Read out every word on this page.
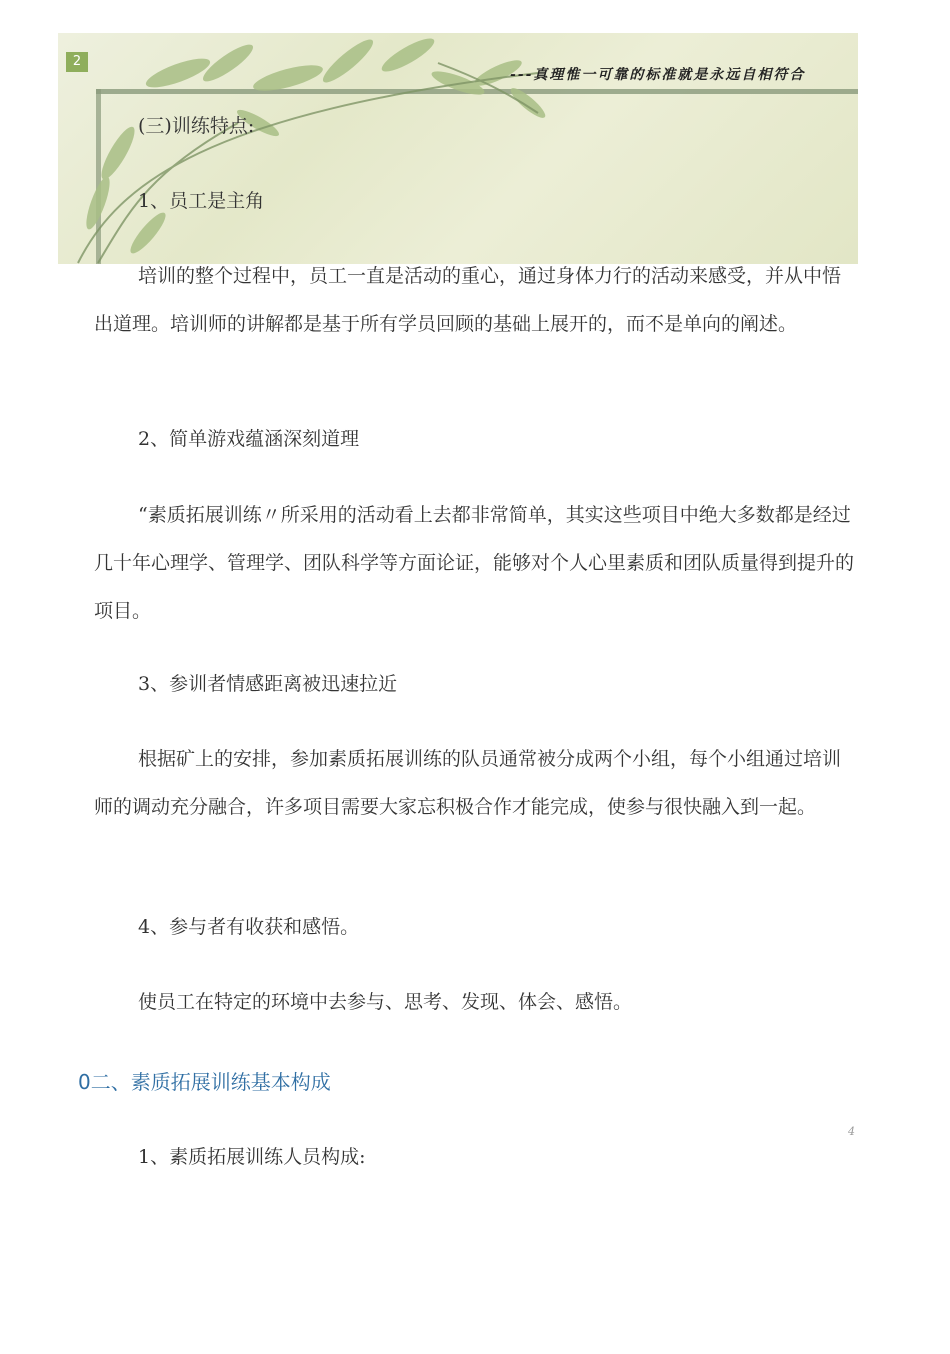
2
---真理惟一可靠的标准就是永远自相符合

(三)训练特点:

1、员工是主角

培训的整个过程中，员工一直是活动的重心，通过身体力行的活动来感受，并从中悟出道理。培训师的讲解都是基于所有学员回顾的基础上展开的，而不是单向的阐述。

2、简单游戏蕴涵深刻道理

“素质拓展训练〃所采用的活动看上去都非常简单，其实这些项目中绝大多数都是经过几十年心理学、管理学、团队科学等方面论证，能够对个人心里素质和团队质量得到提升的项目。

3、参训者情感距离被迅速拉近

根据矿上的安排，参加素质拓展训练的队员通常被分成两个小组，每个小组通过培训师的调动充分融合，许多项目需要大家忘积极合作才能完成，使参与很快融入到一起。

4、参与者有收获和感悟。

使员工在特定的环境中去参与、思考、发现、体会、感悟。

0二、素质拓展训练基本构成

4

1、素质拓展训练人员构成:
